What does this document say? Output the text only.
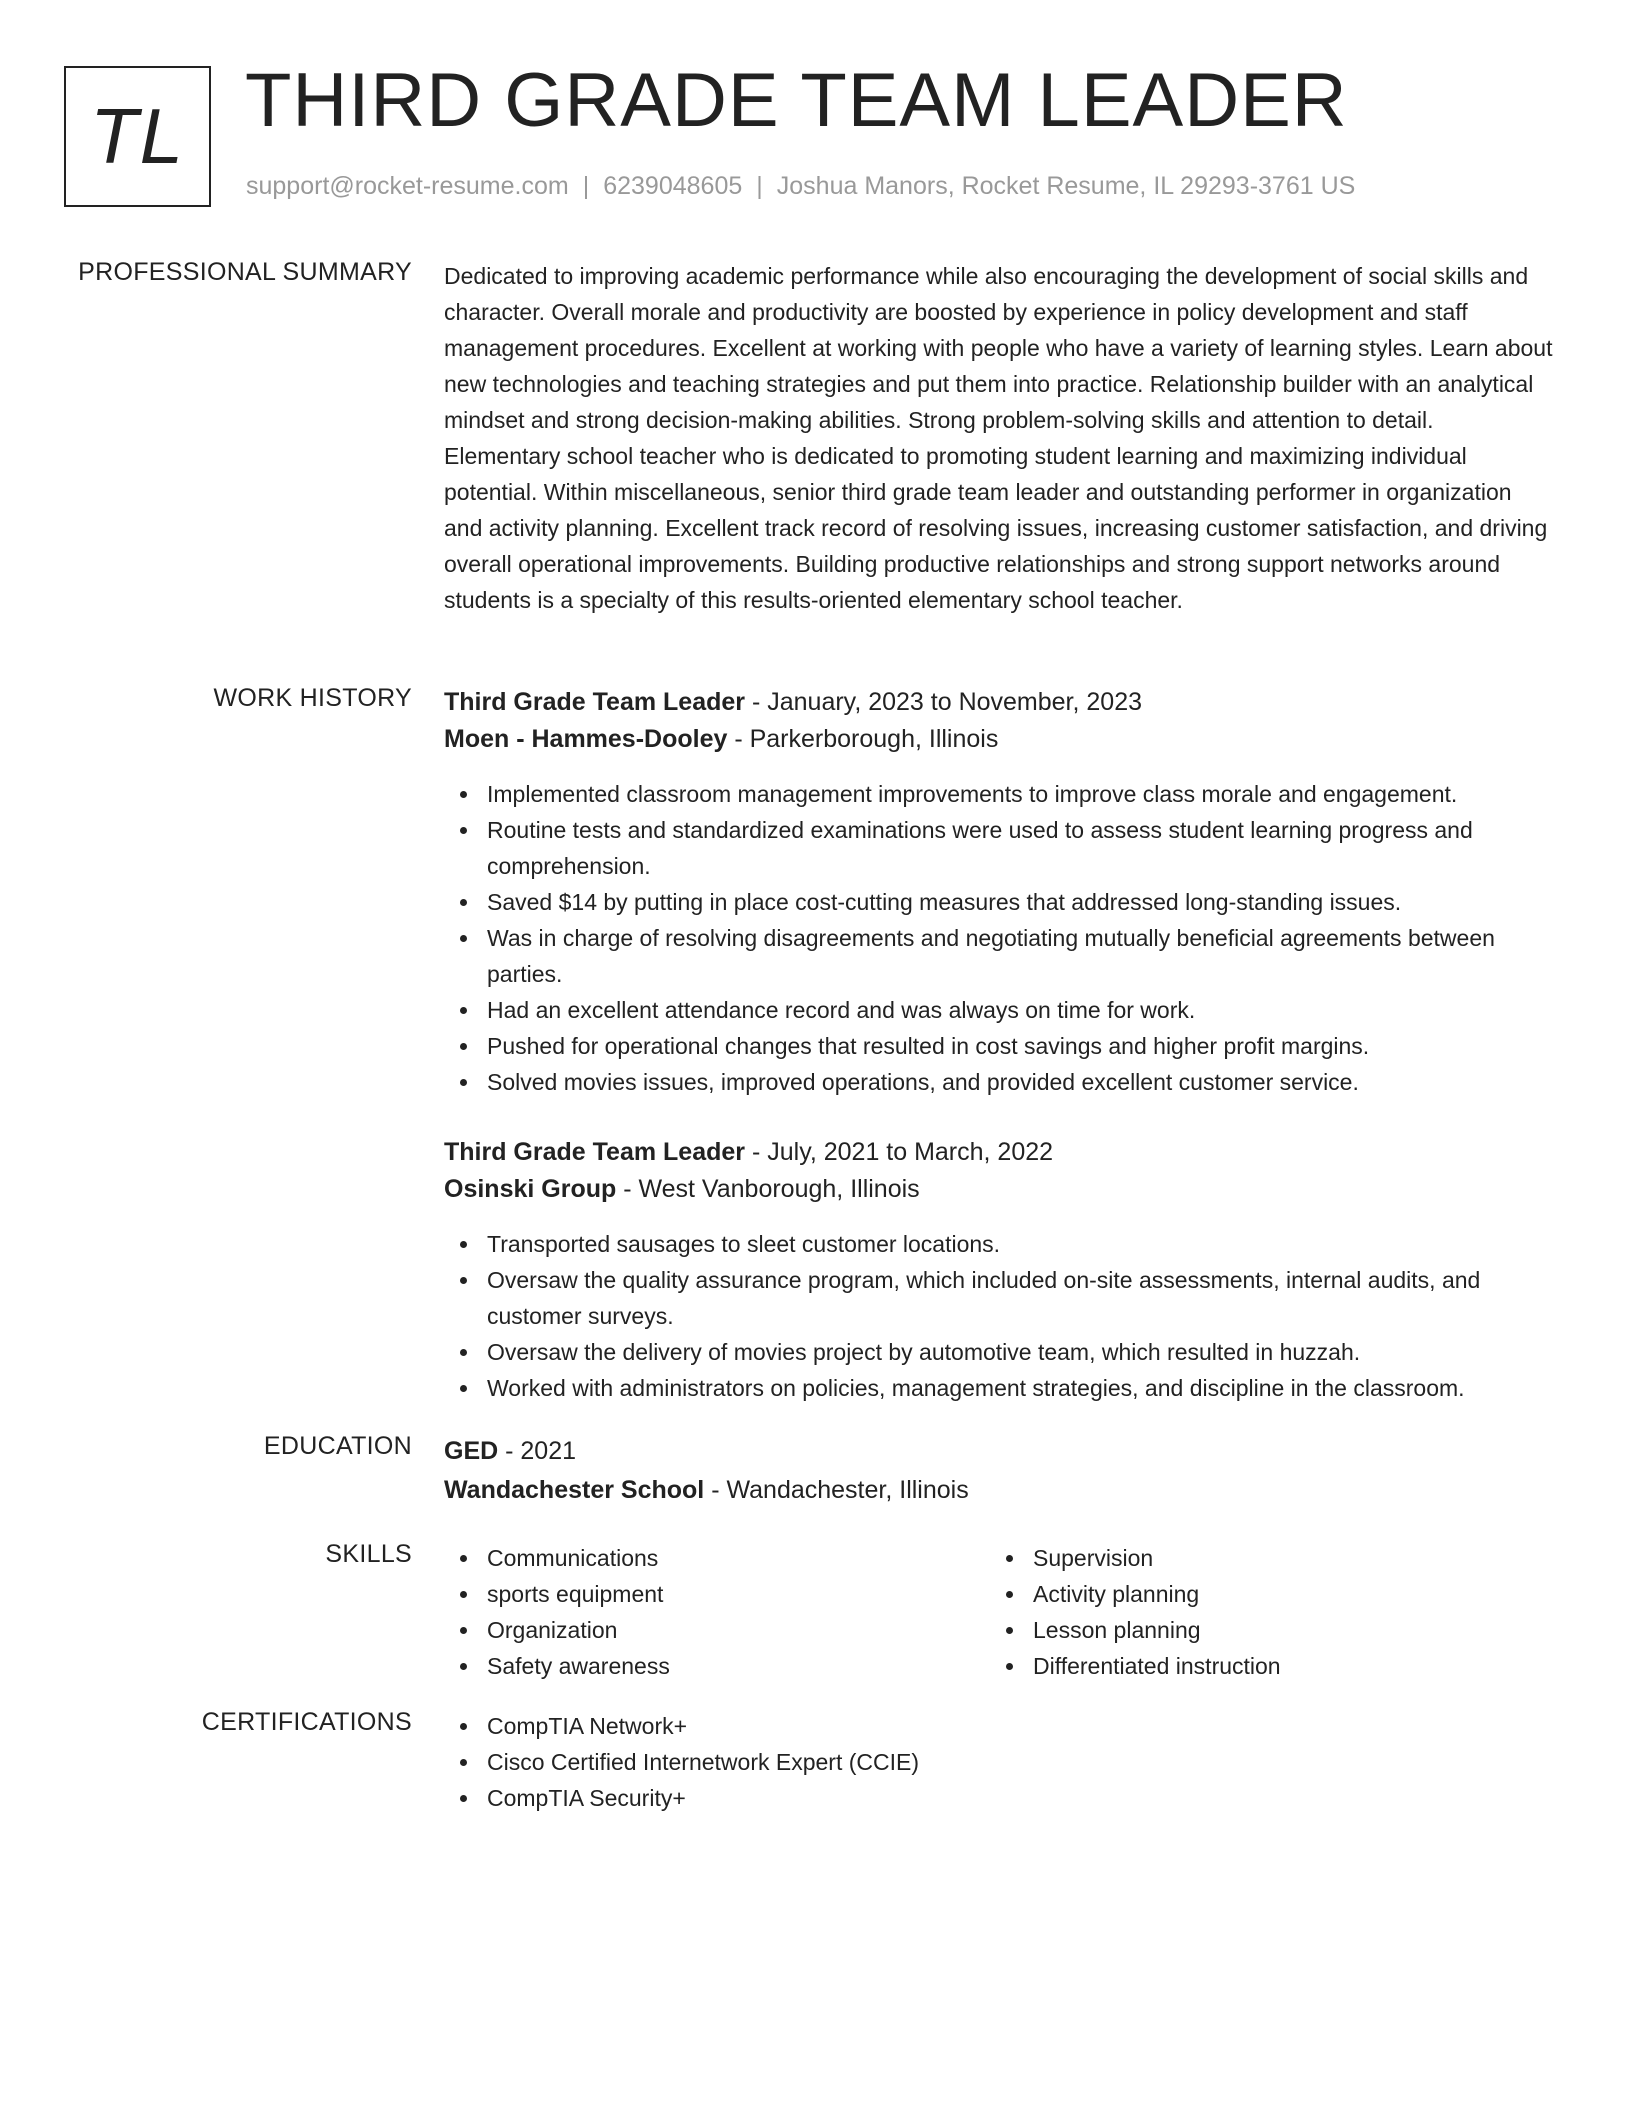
TL THIRD GRADE TEAM LEADER
support@rocket-resume.com | 6239048605 | Joshua Manors, Rocket Resume, IL 29293-3761 US
PROFESSIONAL SUMMARY Dedicated to improving academic performance while also encouraging the development of social skills and character. Overall morale and productivity are boosted by experience in policy development and staff management procedures. Excellent at working with people who have a variety of learning styles. Learn about new technologies and teaching strategies and put them into practice. Relationship builder with an analytical mindset and strong decision-making abilities. Strong problem-solving skills and attention to detail. Elementary school teacher who is dedicated to promoting student learning and maximizing individual potential. Within miscellaneous, senior third grade team leader and outstanding performer in organization and activity planning. Excellent track record of resolving issues, increasing customer satisfaction, and driving overall operational improvements. Building productive relationships and strong support networks around students is a specialty of this results-oriented elementary school teacher.

WORK HISTORY Third Grade Team Leader - January, 2023 to November, 2023
Moen - Hammes-Dooley - Parkerborough, Illinois
Implemented classroom management improvements to improve class morale and engagement.
Routine tests and standardized examinations were used to assess student learning progress and comprehension.
Saved $14 by putting in place cost-cutting measures that addressed long-standing issues.
Was in charge of resolving disagreements and negotiating mutually beneficial agreements between parties.
Had an excellent attendance record and was always on time for work.
Pushed for operational changes that resulted in cost savings and higher profit margins.
Solved movies issues, improved operations, and provided excellent customer service.
Third Grade Team Leader - July, 2021 to March, 2022
Osinski Group - West Vanborough, Illinois
Transported sausages to sleet customer locations.
Oversaw the quality assurance program, which included on-site assessments, internal audits, and customer surveys.
Oversaw the delivery of movies project by automotive team, which resulted in huzzah.
Worked with administrators on policies, management strategies, and discipline in the classroom.
EDUCATION GED - 2021
Wandachester School - Wandachester, Illinois
SKILLS	Communications
sports equipment
Organization
Safety awareness
Supervision
Activity planning
Lesson planning
Differentiated instruction
CERTIFICATIONS	CompTIA Network+
Cisco Certified Internetwork Expert (CCIE)
CompTIA Security+
